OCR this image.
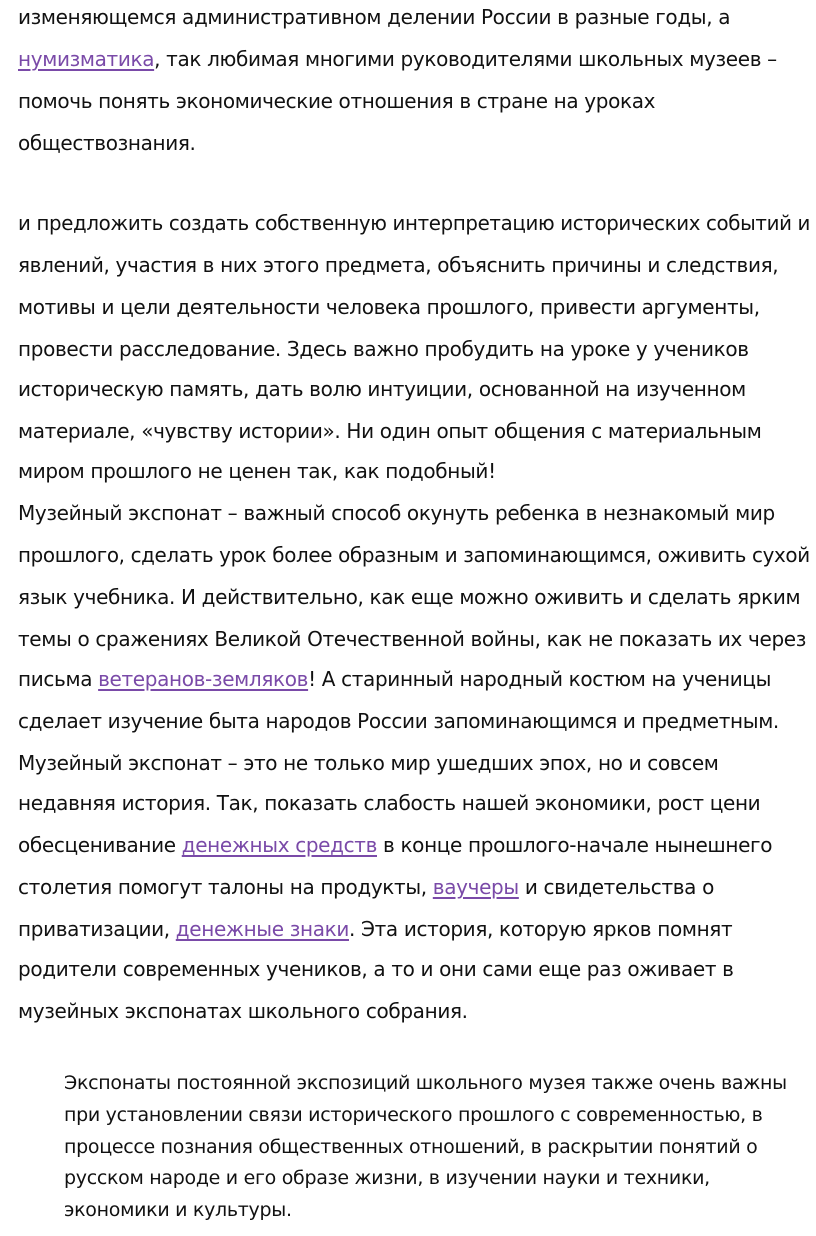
изменяющемся административном делении России в разные годы, а
нумизматика, так любимая многими руководителями школьных музеев –
помочь понять экономические отношения в стране на уроках
обществознания.
и предложить создать собственную интерпретацию исторических событий и
явлений, участия в них этого предмета, объяснить причины и следствия,
мотивы и цели деятельности человека прошлого, привести аргументы,
провести расследование. Здесь важно пробудить на уроке у учеников
историческую память, дать волю интуиции, основанной на изученном
материале, «чувству истории». Ни один опыт общения с материальным
миром прошлого не ценен так, как подобный!
Музейный экспонат – важный способ окунуть ребенка в незнакомый мир
прошлого, сделать урок более образным и запоминающимся, оживить сухой
язык учебника. И действительно, как еще можно оживить и сделать ярким
темы о сражениях Великой Отечественной войны, как не показать их через
письма ветеранов-земляков! А старинный народный костюм на ученицы
сделает изучение быта народов России запоминающимся и предметным.
Музейный экспонат – это не только мир ушедших эпох, но и совсем
недавняя история. Так, показать слабость нашей экономики, рост цени
обесценивание денежных средств в конце прошлого-начале нынешнего
столетия помогут талоны на продукты, ваучеры и свидетельства о
приватизации, денежные знаки. Эта история, которую ярков помнят
родители современных учеников, а то и они сами еще раз оживает в
музейных экспонатах школьного собрания.
Экспонаты постоянной экспозиций школьного музея также очень важны
при установлении связи исторического прошлого с современностью, в
процессе познания общественных отношений, в раскрытии понятий о
русском народе и его образе жизни, в изучении науки и техники,
экономики и культуры.
